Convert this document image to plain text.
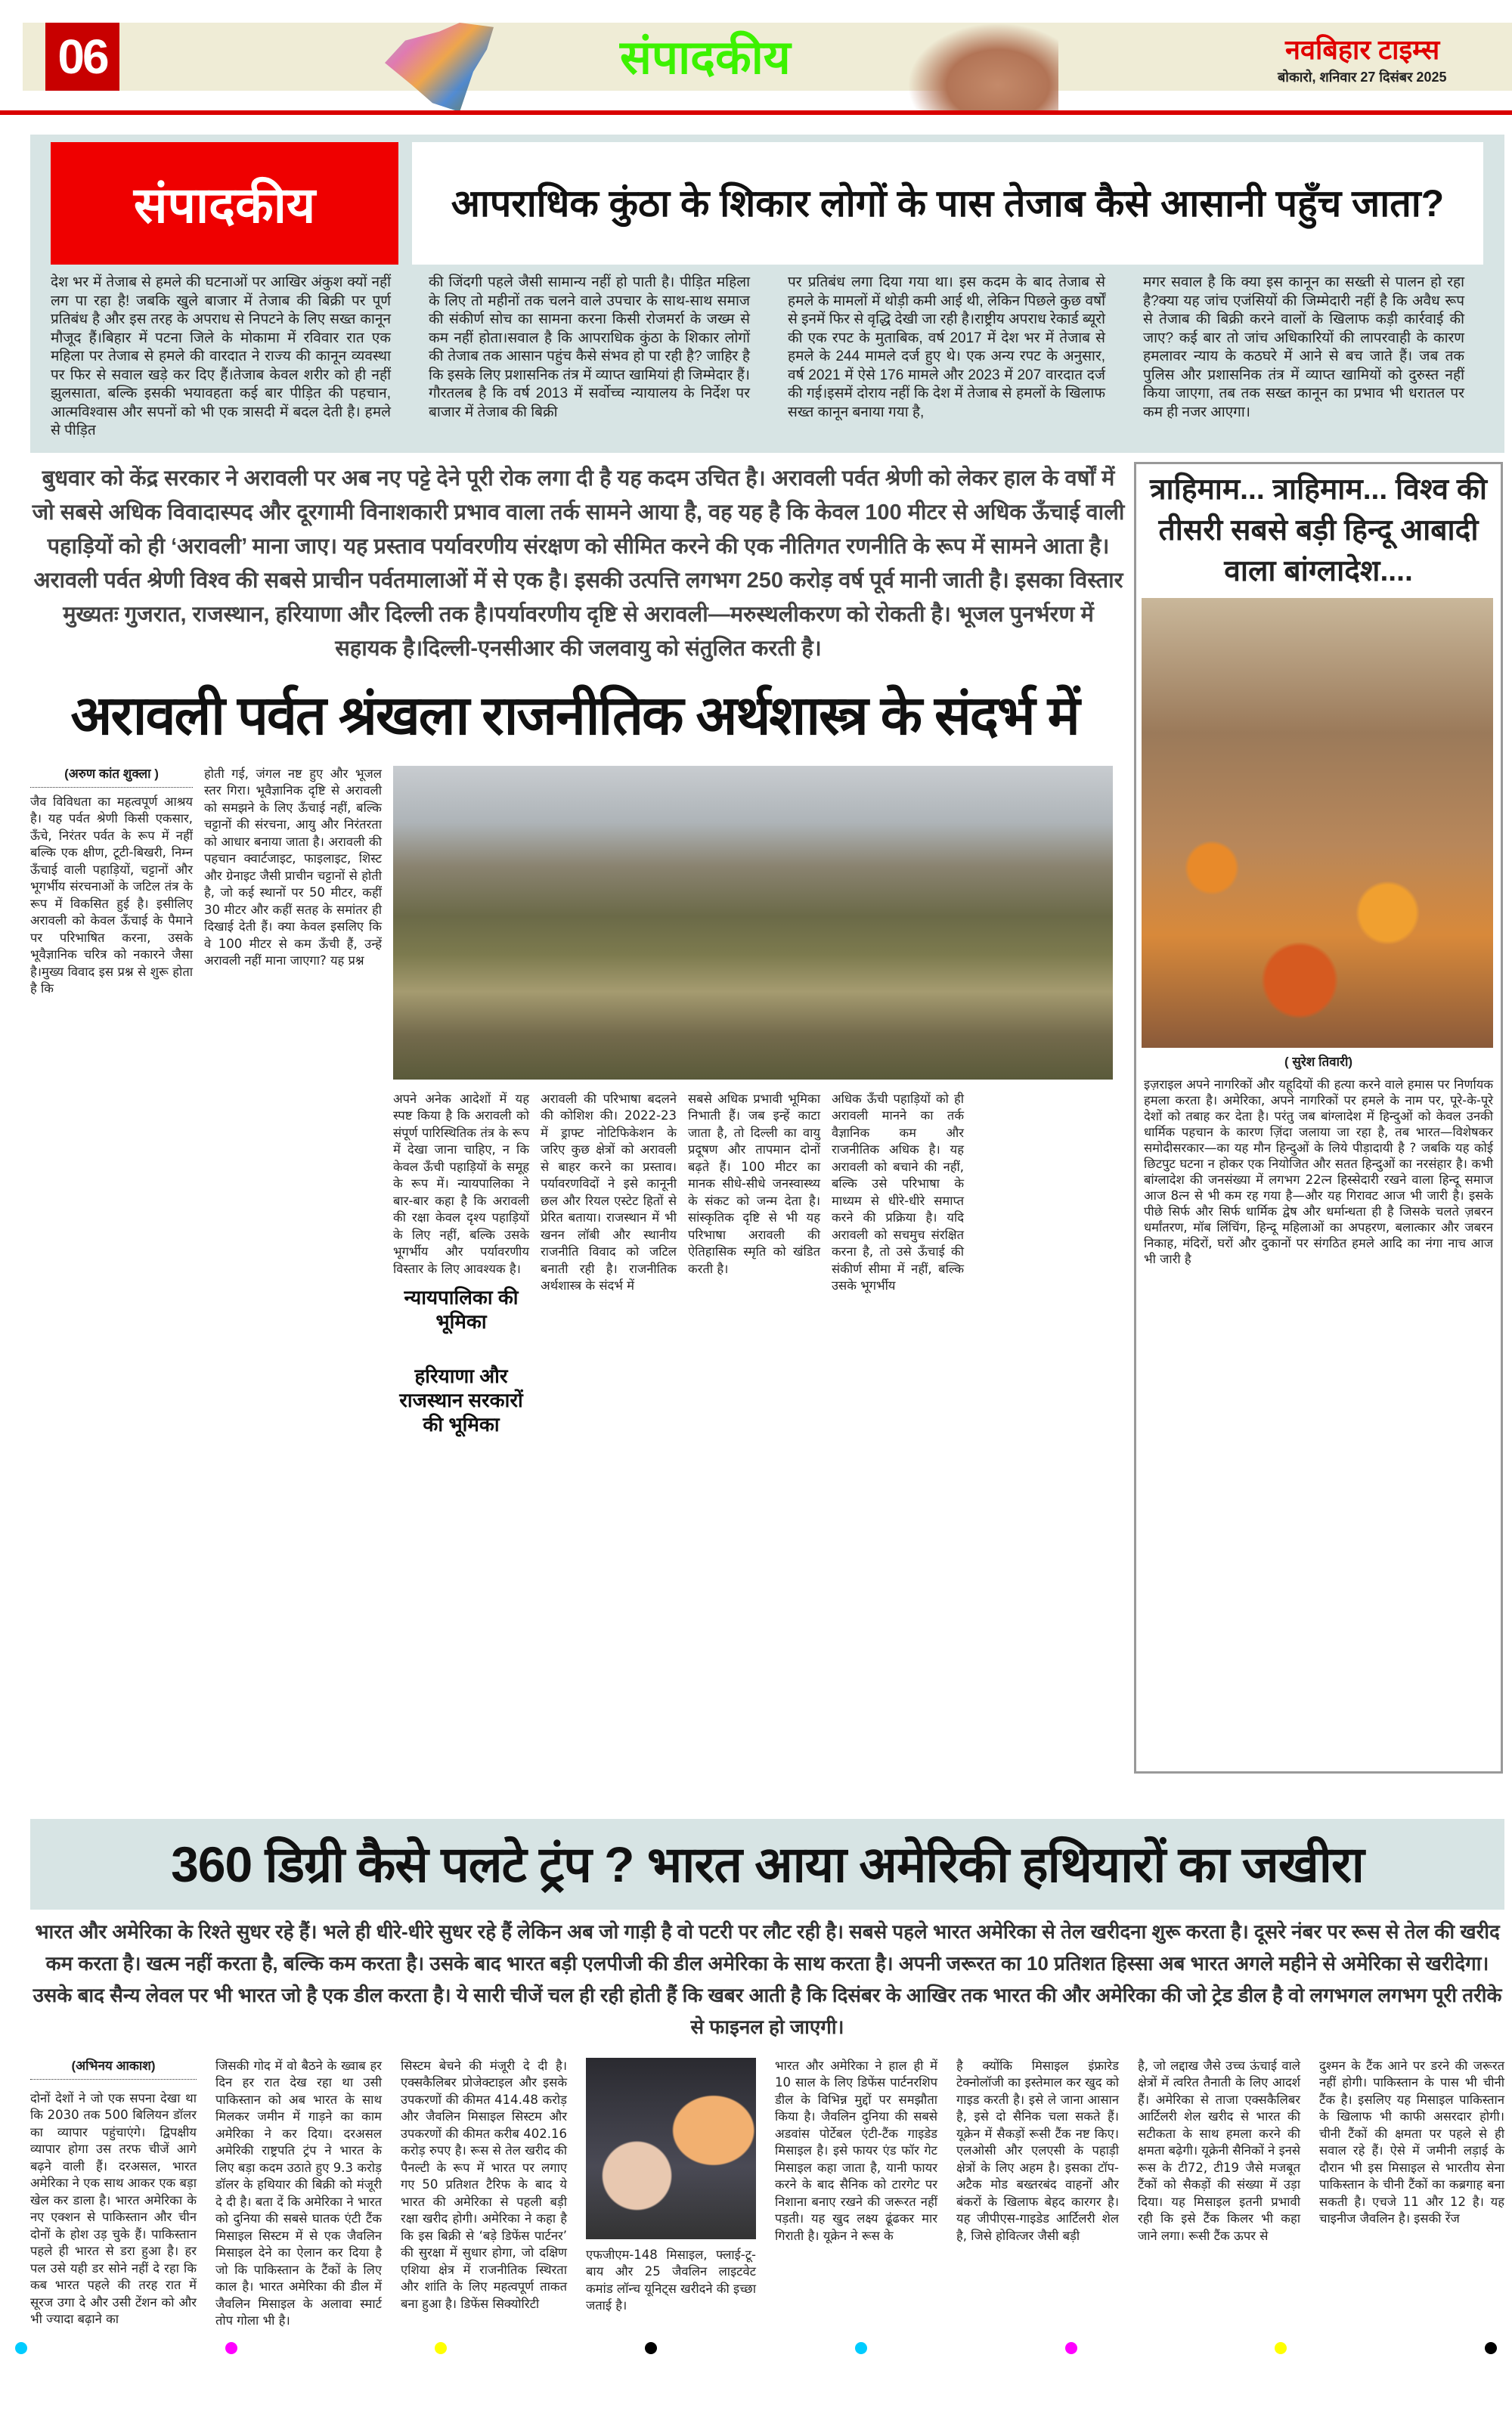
06	संपादकीय	नवबिहार टाइम्स
बोकारो, शनिवार 27 दिसंबर 2025
संपादकीय	आपराधिक कुंठा के शिकार लोगों के पास तेजाब कैसे आसानी पहुँच जाता?
देश भर में तेजाब से हमले की घटनाओं पर आखिर अंकुश क्यों नहीं लग पा रहा है! जबकि खुले बाजार में तेजाब की बिक्री पर पूर्ण प्रतिबंध है और इस तरह के अपराध से निपटने के लिए सख्त कानून मौजूद हैं।बिहार में पटना जिले के मोकामा में रविवार रात एक महिला पर तेजाब से हमले की वारदात ने राज्य की कानून व्यवस्था पर फिर से सवाल खड़े कर दिए हैं।तेजाब केवल शरीर को ही नहीं झुलसाता, बल्कि इसकी भयावहता कई बार पीड़ित की पहचान, आत्मविश्वास और सपनों को भी एक त्रासदी में बदल देती है। हमले से पीड़ित
की जिंदगी पहले जैसी सामान्य नहीं हो पाती है। पीड़ित महिला के लिए तो महीनों तक चलने वाले उपचार के साथ-साथ समाज की संकीर्ण सोच का सामना करना किसी रोजमर्रा के जख्म से कम नहीं होता।सवाल है कि आपराधिक कुंठा के शिकार लोगों की तेजाब तक आसान पहुंच कैसे संभव हो पा रही है? जाहिर है कि इसके लिए प्रशासनिक तंत्र में व्याप्त खामियां ही जिम्मेदार हैं।गौरतलब है कि वर्ष 2013 में सर्वोच्च न्यायालय के निर्देश पर बाजार में तेजाब की बिक्री
पर प्रतिबंध लगा दिया गया था। इस कदम के बाद तेजाब से हमले के मामलों में थोड़ी कमी आई थी, लेकिन पिछले कुछ वर्षों से इनमें फिर से वृद्धि देखी जा रही है।राष्ट्रीय अपराध रेकार्ड ब्यूरो की एक रपट के मुताबिक, वर्ष 2017 में देश भर में तेजाब से हमले के 244 मामले दर्ज हुए थे। एक अन्य रपट के अनुसार, वर्ष 2021 में ऐसे 176 मामले और 2023 में 207 वारदात दर्ज की गई।इसमें दोराय नहीं कि देश में तेजाब से हमलों के खिलाफ सख्त कानून बनाया गया है,
मगर सवाल है कि क्या इस कानून का सख्ती से पालन हो रहा है?क्या यह जांच एजंसियों की जिम्मेदारी नहीं है कि अवैध रूप से तेजाब की बिक्री करने वालों के खिलाफ कड़ी कार्रवाई की जाए? कई बार तो जांच अधिकारियों की लापरवाही के कारण हमलावर न्याय के कठघरे में आने से बच जाते हैं। जब तक पुलिस और प्रशासनिक तंत्र में व्याप्त खामियों को दुरुस्त नहीं किया जाएगा, तब तक सख्त कानून का प्रभाव भी धरातल पर कम ही नजर आएगा।
बुधवार को केंद्र सरकार ने अरावली पर अब नए पट्टे देने पूरी रोक लगा दी है यह कदम उचित है। अरावली पर्वत श्रेणी को लेकर हाल के वर्षों में जो सबसे अधिक विवादास्पद और दूरगामी विनाशकारी प्रभाव वाला तर्क सामने आया है, वह यह है कि केवल 100 मीटर से अधिक ऊँचाई वाली पहाड़ियों को ही ‘अरावली’ माना जाए। यह प्रस्ताव पर्यावरणीय संरक्षण को सीमित करने की एक नीतिगत रणनीति के रूप में सामने आता है। अरावली पर्वत श्रेणी विश्व की सबसे प्राचीन पर्वतमालाओं में से एक है। इसकी उत्पत्ति लगभग 250 करोड़ वर्ष पूर्व मानी जाती है। इसका विस्तार मुख्यतः गुजरात, राजस्थान, हरियाणा और दिल्ली तक है।पर्यावरणीय दृष्टि से अरावली—मरुस्थलीकरण को रोकती है। भूजल पुनर्भरण में सहायक है।दिल्ली-एनसीआर की जलवायु को संतुलित करती है।
अरावली पर्वत श्रंखला राजनीतिक अर्थशास्त्र के संदर्भ में
(अरुण कांत शुक्ला )
जैव विविधता का महत्वपूर्ण आश्रय है। यह पर्वत श्रेणी किसी एकसार, ऊँचे, निरंतर पर्वत के रूप में नहीं बल्कि एक क्षीण, टूटी-बिखरी, निम्न ऊँचाई वाली पहाड़ियों, चट्टानों और भूगर्भीय संरचनाओं के जटिल तंत्र के रूप में विकसित हुई है। इसीलिए अरावली को केवल ऊँचाई के पैमाने पर परिभाषित करना, उसके भूवैज्ञानिक चरित्र को नकारने जैसा है।मुख्य विवाद इस प्रश्न से शुरू होता है कि
होती गई, जंगल नष्ट हुए और भूजल स्तर गिरा। भूवैज्ञानिक दृष्टि से अरावली को समझने के लिए ऊँचाई नहीं, बल्कि चट्टानों की संरचना, आयु और निरंतरता को आधार बनाया जाता है। अरावली की पहचान क्वार्टजाइट, फाइलाइट, शिस्ट और ग्रेनाइट जैसी प्राचीन चट्टानों से होती है, जो कई स्थानों पर 50 मीटर, कहीं 30 मीटर और कहीं सतह के समांतर ही दिखाई देती हैं। क्या केवल इसलिए कि वे 100 मीटर से कम ऊँची हैं, उन्हें अरावली नहीं माना जाएगा? यह प्रश्न
अपने अनेक आदेशों में यह स्पष्ट किया है कि अरावली को संपूर्ण पारिस्थितिक तंत्र के रूप में देखा जाना चाहिए, न कि केवल ऊँची पहाड़ियों के समूह के रूप में। न्यायपालिका ने बार-बार कहा है कि अरावली की रक्षा केवल दृश्य पहाड़ियों के लिए नहीं, बल्कि उसके भूगर्भीय और पर्यावरणीय विस्तार के लिए आवश्यक है।
न्यायपालिका की भूमिका
हरियाणा और राजस्थान सरकारों की भूमिका
अरावली की परिभाषा बदलने की कोशिश की। 2022-23 में ड्राफ्ट नोटिफिकेशन के जरिए कुछ क्षेत्रों को अरावली से बाहर करने का प्रस्ताव। पर्यावरणविदों ने इसे कानूनी छल और रियल एस्टेट हितों से प्रेरित बताया। राजस्थान में भी खनन लॉबी और स्थानीय राजनीति विवाद को जटिल बनाती रही है। राजनीतिक अर्थशास्त्र के संदर्भ में
सबसे अधिक प्रभावी भूमिका निभाती हैं। जब इन्हें काटा जाता है, तो दिल्ली का वायु प्रदूषण और तापमान दोनों बढ़ते हैं। 100 मीटर का मानक सीधे-सीधे जनस्वास्थ्य के संकट को जन्म देता है। सांस्कृतिक दृष्टि से भी यह परिभाषा अरावली की ऐतिहासिक स्मृति को खंडित करती है।
अधिक ऊँची पहाड़ियों को ही अरावली मानने का तर्क वैज्ञानिक कम और राजनीतिक अधिक है। यह अरावली को बचाने की नहीं, बल्कि उसे परिभाषा के माध्यम से धीरे-धीरे समाप्त करने की प्रक्रिया है। यदि अरावली को सचमुच संरक्षित करना है, तो उसे ऊँचाई की संकीर्ण सीमा में नहीं, बल्कि उसके भूगर्भीय
त्राहिमाम... त्राहिमाम... विश्व की तीसरी सबसे बड़ी हिन्दू आबादी वाला बांग्लादेश....
( सुरेश तिवारी)
इज़राइल अपने नागरिकों और यहूदियों की हत्या करने वाले हमास पर निर्णायक हमला करता है। अमेरिका, अपने नागरिकों पर हमले के नाम पर, पूरे-के-पूरे देशों को तबाह कर देता है। परंतु जब बांग्लादेश में हिन्दुओं को केवल उनकी धार्मिक पहचान के कारण ज़िंदा जलाया जा रहा है, तब भारत—विशेषकर समोदीसरकार—का यह मौन हिन्दुओं के लिये पीड़ादायी है ? जबकि यह कोई छिटपुट घटना न होकर एक नियोजित और सतत हिन्दुओं का नरसंहार है। कभी बांग्लादेश की जनसंख्या में लगभग 22त्न हिस्सेदारी रखने वाला हिन्दू समाज आज 8त्न से भी कम रह गया है—और यह गिरावट आज भी जारी है। इसके पीछे सिर्फ और सिर्फ धार्मिक द्वेष और धर्मान्धता ही है जिसके चलते ज़बरन धर्मांतरण, मॉब लिंचिंग, हिन्दू महिलाओं का अपहरण, बलात्कार और जबरन निकाह, मंदिरों, घरों और दुकानों पर संगठित हमले आदि का नंगा नाच आज भी जारी है
360 डिग्री कैसे पलटे ट्रंप ? भारत आया अमेरिकी हथियारों का जखीरा
भारत और अमेरिका के रिश्ते सुधर रहे हैं। भले ही धीरे-धीरे सुधर रहे हैं लेकिन अब जो गाड़ी है वो पटरी पर लौट रही है। सबसे पहले भारत अमेरिका से तेल खरीदना शुरू करता है। दूसरे नंबर पर रूस से तेल की खरीद कम करता है। खत्म नहीं करता है, बल्कि कम करता है। उसके बाद भारत बड़ी एलपीजी की डील अमेरिका के साथ करता है। अपनी जरूरत का 10 प्रतिशत हिस्सा अब भारत अगले महीने से अमेरिका से खरीदेगा। उसके बाद सैन्य लेवल पर भी भारत जो है एक डील करता है। ये सारी चीजें चल ही रही होती हैं कि खबर आती है कि दिसंबर के आखिर तक भारत की और अमेरिका की जो ट्रेड डील है वो लगभगल लगभग पूरी तरीके से फाइनल हो जाएगी।
(अभिनय आकाश)
दोनों देशों ने जो एक सपना देखा था कि 2030 तक 500 बिलियन डॉलर का व्यापार पहुंचाएंगे। द्विपक्षीय व्यापार होगा उस तरफ चीजें आगे बढ़ने वाली हैं। दरअसल, भारत अमेरिका ने एक साथ आकर एक बड़ा खेल कर डाला है। भारत अमेरिका के नए एक्शन से पाकिस्तान और चीन दोनों के होश उड़ चुके हैं। पाकिस्तान पहले ही भारत से डरा हुआ है। हर पल उसे यही डर सोने नहीं दे रहा कि कब भारत पहले की तरह रात में सूरज उगा दे और उसी टेंशन को और भी ज्यादा बढ़ाने का
जिसकी गोद में वो बैठने के ख्वाब हर दिन हर रात देख रहा था उसी पाकिस्तान को अब भारत के साथ मिलकर जमीन में गाड़ने का काम अमेरिका ने कर दिया। दरअसल अमेरिकी राष्ट्रपति ट्रंप ने भारत के लिए बड़ा कदम उठाते हुए 9.3 करोड़ डॉलर के हथियार की बिक्री को मंजूरी दे दी है। बता दें कि अमेरिका ने भारत को दुनिया की सबसे घातक एंटी टैंक मिसाइल सिस्टम में से एक जैवलिन मिसाइल देने का ऐलान कर दिया है जो कि पाकिस्तान के टैंकों के लिए काल है। भारत अमेरिका की डील में जैवलिन मिसाइल के अलावा स्मार्ट तोप गोला भी है।
सिस्टम बेचने की मंजूरी दे दी है। एक्सकैलिबर प्रोजेक्टाइल और इसके उपकरणों की कीमत 414.48 करोड़ और जैवलिन मिसाइल सिस्टम और उपकरणों की कीमत करीब 402.16 करोड़ रुपए है। रूस से तेल खरीद की पैनल्टी के रूप में भारत पर लगाए गए 50 प्रतिशत टैरिफ के बाद ये भारत की अमेरिका से पहली बड़ी रक्षा खरीद होगी। अमेरिका ने कहा है कि इस बिक्री से ‘बड़े डिफेंस पार्टनर’ की सुरक्षा में सुधार होगा, जो दक्षिण एशिया क्षेत्र में राजनीतिक स्थिरता और शांति के लिए महत्वपूर्ण ताकत बना हुआ है। डिफेंस सिक्योरिटी
एफजीएम-148 मिसाइल, फ्लाई-टू-बाय और 25 जैवलिन लाइटवेट कमांड लॉन्च यूनिट्स खरीदने की इच्छा जताई है।
भारत और अमेरिका ने हाल ही में 10 साल के लिए डिफेंस पार्टनरशिप डील के विभिन्न मुद्दों पर समझौता किया है। जैवलिन दुनिया की सबसे अडवांस पोर्टेबल एंटी-टैंक गाइडेड मिसाइल है। इसे फायर एंड फॉर गेट मिसाइल कहा जाता है, यानी फायर करने के बाद सैनिक को टारगेट पर निशाना बनाए रखने की जरूरत नहीं पड़ती। यह खुद लक्ष्य ढूंढकर मार गिराती है। यूक्रेन ने रूस के
है क्योंकि मिसाइल इंफ्रारेड टेक्नोलॉजी का इस्तेमाल कर खुद को गाइड करती है। इसे ले जाना आसान है, इसे दो सैनिक चला सकते हैं। यूक्रेन में सैकड़ों रूसी टैंक नष्ट किए। एलओसी और एलएसी के पहाड़ी क्षेत्रों के लिए अहम है। इसका टॉप-अटैक मोड बख्तरबंद वाहनों और बंकरों के खिलाफ बेहद कारगर है। यह जीपीएस-गाइडेड आर्टिलरी शेल है, जिसे होवित्जर जैसी बड़ी
है, जो लद्दाख जैसे उच्च ऊंचाई वाले क्षेत्रों में त्वरित तैनाती के लिए आदर्श हैं। अमेरिका से ताजा एक्सकैलिबर आर्टिलरी शेल खरीद से भारत की सटीकता के साथ हमला करने की क्षमता बढ़ेगी। यूक्रेनी सैनिकों ने इनसे रूस के टी72, टी19 जैसे मजबूत टैंकों को सैकड़ों की संख्या में उड़ा दिया। यह मिसाइल इतनी प्रभावी रही कि इसे टैंक किलर भी कहा जाने लगा। रूसी टैंक ऊपर से
दुश्मन के टैंक आने पर डरने की जरूरत नहीं होगी। पाकिस्तान के पास भी चीनी टैंक है। इसलिए यह मिसाइल पाकिस्तान के खिलाफ भी काफी असरदार होगी। चीनी टैंकों की क्षमता पर पहले से ही सवाल रहे हैं। ऐसे में जमीनी लड़ाई के दौरान भी इस मिसाइल से भारतीय सेना पाकिस्तान के चीनी टैंकों का कब्रगाह बना सकती है। एचजे 11 और 12 है। यह चाइनीज जैवलिन है। इसकी रेंज
